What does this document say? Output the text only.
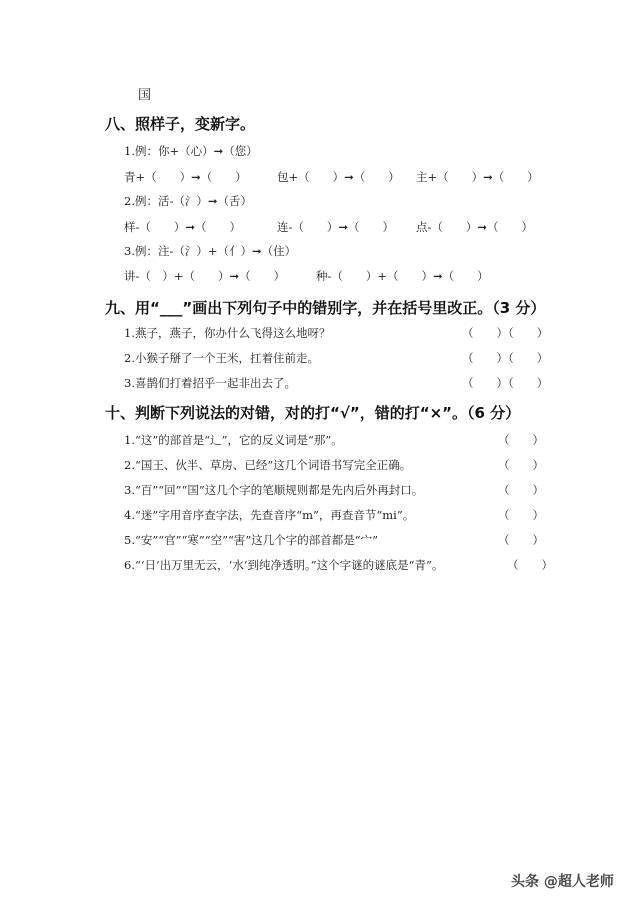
国
八、照样子，变新字。
1.例：你+（心）➞（您）
青+（　　）➞（　　）	包+（　　）➞（　　） 主+（　　）➞（　　）
2.例：活-（氵）➞（舌）
样-（　　）➞（　　）	连-（　　）➞（　　） 点-（　　）➞（　　）
3.例：注-（氵）+（亻）➞（住）
讲-（　）+（　　）➞（　　）	种-（　　）+（　　）➞（　　）
九、用“___”画出下列句子中的错别字，并在括号里改正。（3 分）
1.燕子，燕子，你办什么飞得这么地呀？	（　　）（　　）
2.小猴子掰了一个王米，扛着住前走。	（　　）（　　）
3.喜鹊们打着招乎一起非出去了。	（　　）（　　）
十、判断下列说法的对错，对的打“√”，错的打“×”。（6 分）
1.“这”的部首是“辶”，它的反义词是“那”。	（　　）
2.“国王、伙半、草房、已经”这几个词语书写完全正确。	（　　）
3.“百”“回”“国”这几个字的笔顺规则都是先内后外再封口。	（　　）
4.“迷”字用音序查字法，先查音序“m”，再查音节“mi”。	（　　）
5.“安”“官”“寒”“空”“害”这几个字的部首都是“宀”	（　　）
6.“‘日’出万里无云，‘水’到纯净透明。”这个字谜的谜底是“青”。	（　　）
头条 @超人老师
